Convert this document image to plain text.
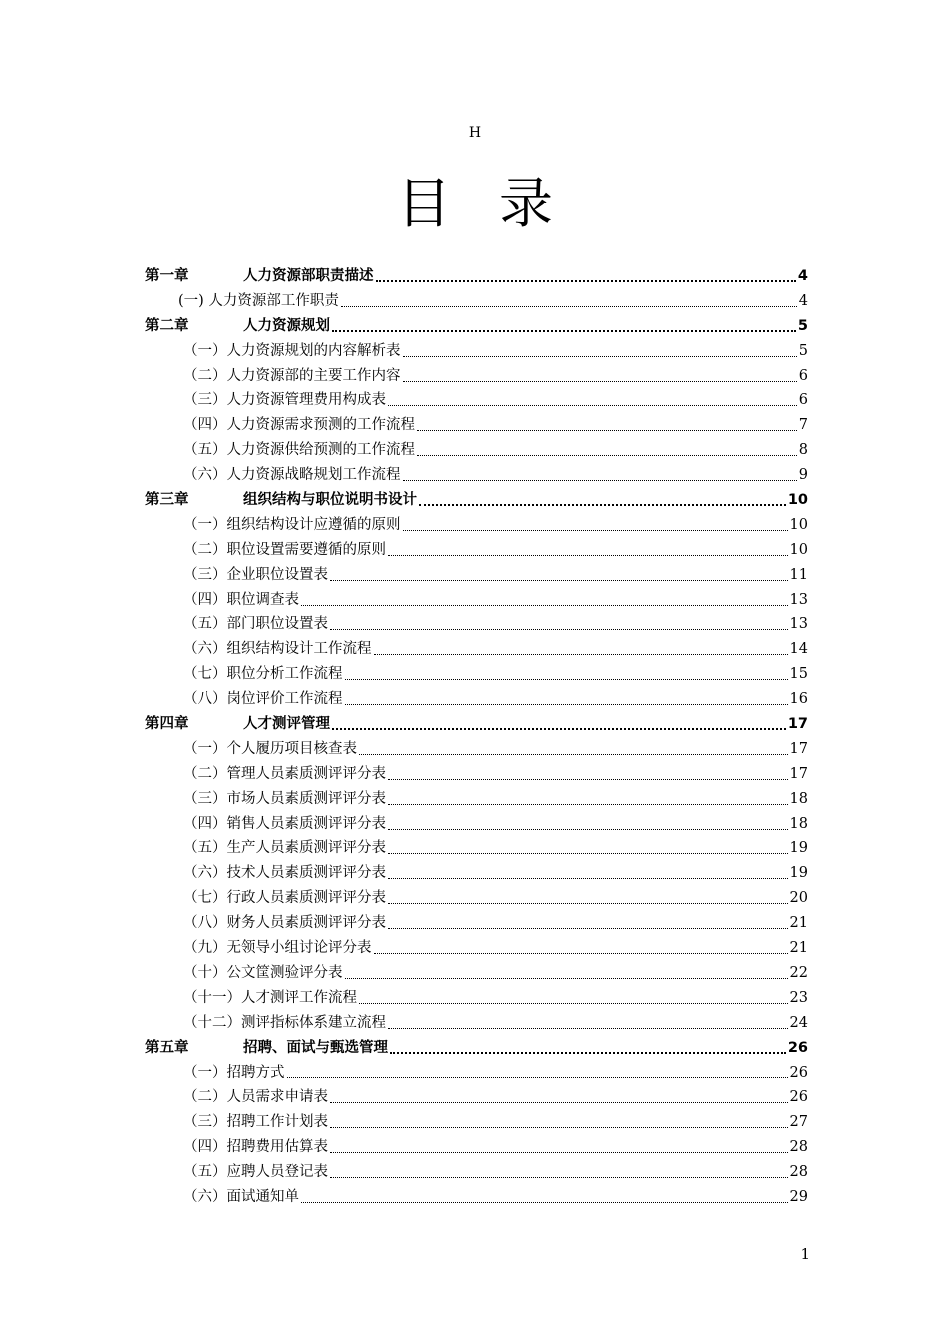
H
目录
第一章	人力资源部职责描述	4
(一) 人力资源部工作职责	4
第二章	人力资源规划	5
（一）人力资源规划的内容解析表	5
（二）人力资源部的主要工作内容	6
（三）人力资源管理费用构成表	6
（四）人力资源需求预测的工作流程	7
（五）人力资源供给预测的工作流程	8
（六）人力资源战略规划工作流程	9
第三章	组织结构与职位说明书设计	10
（一）组织结构设计应遵循的原则	10
（二）职位设置需要遵循的原则	10
（三）企业职位设置表	11
（四）职位调查表	13
（五）部门职位设置表	13
（六）组织结构设计工作流程	14
（七）职位分析工作流程	15
（八）岗位评价工作流程	16
第四章	人才测评管理	17
（一）个人履历项目核查表	17
（二）管理人员素质测评评分表	17
（三）市场人员素质测评评分表	18
（四）销售人员素质测评评分表	18
（五）生产人员素质测评评分表	19
（六）技术人员素质测评评分表	19
（七）行政人员素质测评评分表	20
（八）财务人员素质测评评分表	21
（九）无领导小组讨论评分表	21
（十）公文筐测验评分表	22
（十一）人才测评工作流程	23
（十二）测评指标体系建立流程	24
第五章	招聘、面试与甄选管理	26
（一）招聘方式	26
（二）人员需求申请表	26
（三）招聘工作计划表	27
（四）招聘费用估算表	28
（五）应聘人员登记表	28
（六）面试通知单	29
1
